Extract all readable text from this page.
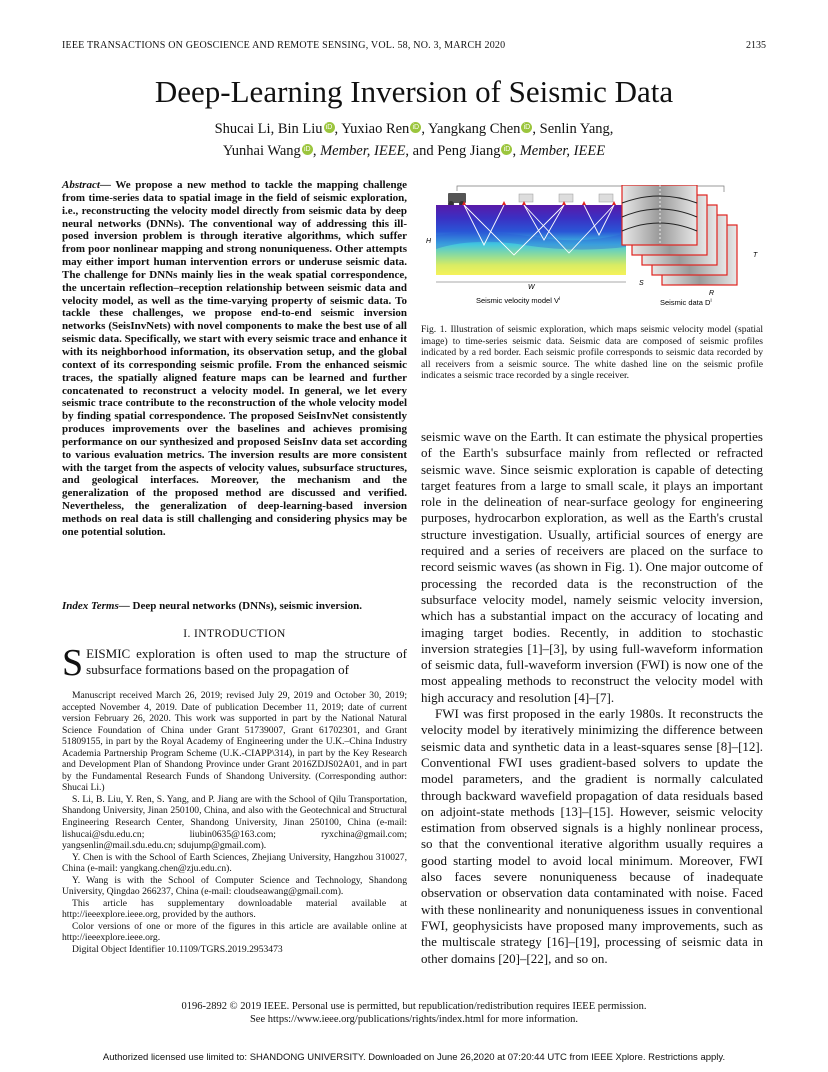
IEEE TRANSACTIONS ON GEOSCIENCE AND REMOTE SENSING, VOL. 58, NO. 3, MARCH 2020	2135
Deep-Learning Inversion of Seismic Data
Shucai Li, Bin Liu iD , Yuxiao Ren iD , Yangkang Chen iD , Senlin Yang,
Yunhai Wang iD , Member, IEEE, and Peng Jiang iD , Member, IEEE
Abstract— We propose a new method to tackle the mapping challenge from time-series data to spatial image in the field of seismic exploration, i.e., reconstructing the velocity model directly from seismic data by deep neural networks (DNNs). The conventional way of addressing this ill-posed inversion problem is through iterative algorithms, which suffer from poor nonlinear mapping and strong nonuniqueness. Other attempts may either import human intervention errors or underuse seismic data. The challenge for DNNs mainly lies in the weak spatial correspondence, the uncertain reflection–reception relationship between seismic data and velocity model, as well as the time-varying property of seismic data. To tackle these challenges, we propose end-to-end seismic inversion networks (SeisInvNets) with novel components to make the best use of all seismic data. Specifically, we start with every seismic trace and enhance it with its neighborhood information, its observation setup, and the global context of its corresponding seismic profile. From the enhanced seismic traces, the spatially aligned feature maps can be learned and further concatenated to reconstruct a velocity model. In general, we let every seismic trace contribute to the reconstruction of the whole velocity model by finding spatial correspondence. The proposed SeisInvNet consistently produces improvements over the baselines and achieves promising performance on our synthesized and proposed SeisInv data set according to various evaluation metrics. The inversion results are more consistent with the target from the aspects of velocity values, subsurface structures, and geological interfaces. Moreover, the mechanism and the generalization of the proposed method are discussed and verified. Nevertheless, the generalization of deep-learning-based inversion methods on real data is still challenging and considering physics may be one potential solution.
Index Terms— Deep neural networks (DNNs), seismic inversion.
I. INTRODUCTION
SEISMIC exploration is often used to map the structure of subsurface formations based on the propagation of

Manuscript received March 26, 2019; revised July 29, 2019 and October 30, 2019; accepted November 4, 2019. Date of publication December 11, 2019; date of current version February 26, 2020. This work was supported in part by the National Natural Science Foundation of China under Grant 51739007, Grant 61702301, and Grant 51809155, in part by the Royal Academy of Engineering under the U.K.–China Industry Academia Partnership Program Scheme (U.K.-CIAPP\314), in part by the Key Research and Development Plan of Shandong Province under Grant 2016ZDJS02A01, and in part by the Fundamental Research Funds of Shandong University. (Corresponding author: Shucai Li.)

S. Li, B. Liu, Y. Ren, S. Yang, and P. Jiang are with the School of Qilu Transportation, Shandong University, Jinan 250100, China, and also with the Geotechnical and Structural Engineering Research Center, Shandong University, Jinan 250100, China (e-mail: lishucai@sdu.edu.cn; liubin0635@163.com; ryxchina@gmail.com; yangsenlin@mail.sdu.edu.cn; sdujump@gmail.com).

Y. Chen is with the School of Earth Sciences, Zhejiang University, Hangzhou 310027, China (e-mail: yangkang.chen@zju.edu.cn).

Y. Wang is with the School of Computer Science and Technology, Shandong University, Qingdao 266237, China (e-mail: cloudseawang@gmail.com).

This article has supplementary downloadable material available at http://ieeexplore.ieee.org, provided by the authors.

Color versions of one or more of the figures in this article are available online at http://ieeexplore.ieee.org.

Digital Object Identifier 10.1109/TGRS.2019.2953473

H
W
Seismic velocity model $V^i$
S
R
T
Seismic data $D^i$
Fig. 1. Illustration of seismic exploration, which maps seismic velocity model (spatial image) to time-series seismic data. Seismic data are composed of seismic profiles indicated by a red border. Each seismic profile corresponds to seismic data recorded by all receivers from a seismic source. The white dashed line on the seismic profile indicates a seismic trace recorded by a single receiver.

seismic wave on the Earth. It can estimate the physical properties of the Earth's subsurface mainly from reflected or refracted seismic wave. Since seismic exploration is capable of detecting target features from a large to small scale, it plays an important role in the delineation of near-surface geology for engineering purposes, hydrocarbon exploration, as well as the Earth's crustal structure investigation. Usually, artificial sources of energy are required and a series of receivers are placed on the surface to record seismic waves (as shown in Fig. 1). One major outcome of processing the recorded data is the reconstruction of the subsurface velocity model, namely seismic velocity inversion, which has a substantial impact on the accuracy of locating and imaging target bodies. Recently, in addition to stochastic inversion strategies [1]–[3], by using full-waveform information of seismic data, full-waveform inversion (FWI) is now one of the most appealing methods to reconstruct the velocity model with high accuracy and resolution [4]–[7].

FWI was first proposed in the early 1980s. It reconstructs the velocity model by iteratively minimizing the difference between seismic data and synthetic data in a least-squares sense [8]–[12]. Conventional FWI uses gradient-based solvers to update the model parameters, and the gradient is normally calculated through backward wavefield propagation of data residuals based on adjoint-state methods [13]–[15]. However, seismic velocity estimation from observed signals is a highly nonlinear process, so that the conventional iterative algorithm usually requires a good starting model to avoid local minimum. Moreover, FWI also faces severe nonuniqueness because of inadequate observation or observation data contaminated with noise. Faced with these nonlinearity and nonuniqueness issues in conventional FWI, geophysicists have proposed many improvements, such as the multiscale strategy [16]–[19], processing of seismic data in other domains [20]–[22], and so on.

0196-2892 © 2019 IEEE. Personal use is permitted, but republication/redistribution requires IEEE permission.
See https://www.ieee.org/publications/rights/index.html for more information.
Authorized licensed use limited to: SHANDONG UNIVERSITY. Downloaded on June 26,2020 at 07:20:44 UTC from IEEE Xplore. Restrictions apply.
